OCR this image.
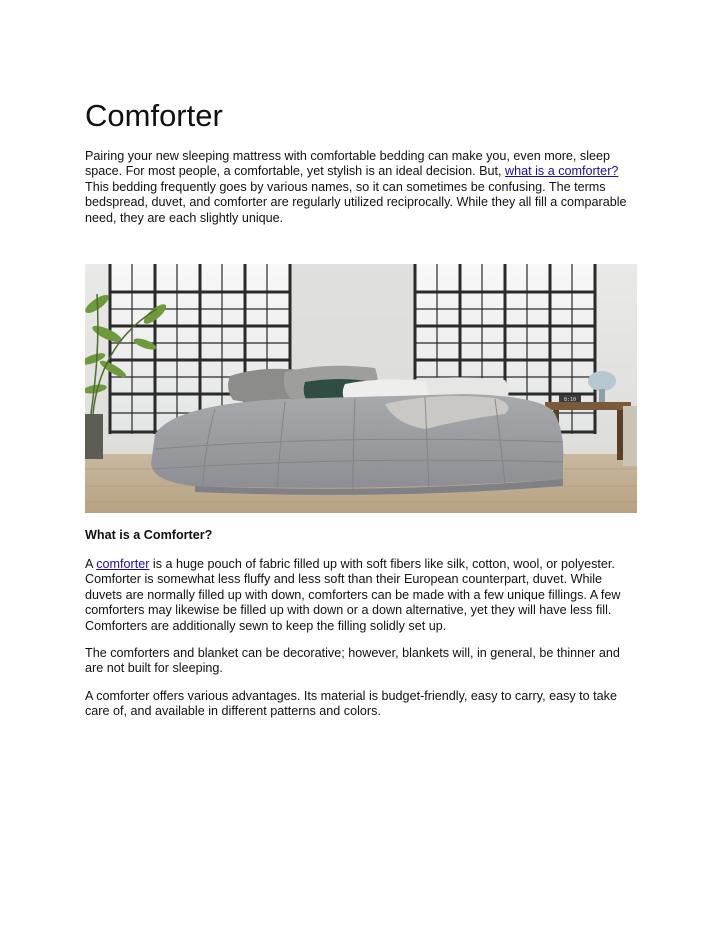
Comforter

Pairing your new sleeping mattress with comfortable bedding can make you, even more, sleep space. For most people, a comfortable, yet stylish is an ideal decision. But, what is a comforter? This bedding frequently goes by various names, so it can sometimes be confusing. The terms bedspread, duvet, and comforter are regularly utilized reciprocally. While they all fill a comparable need, they are each slightly unique.

8:10
What is a Comforter?

A comforter is a huge pouch of fabric filled up with soft fibers like silk, cotton, wool, or polyester. Comforter is somewhat less fluffy and less soft than their European counterpart, duvet. While duvets are normally filled up with down, comforters can be made with a few unique fillings. A few comforters may likewise be filled up with down or a down alternative, yet they will have less fill. Comforters are additionally sewn to keep the filling solidly set up.

The comforters and blanket can be decorative; however, blankets will, in general, be thinner and are not built for sleeping.

A comforter offers various advantages. Its material is budget-friendly, easy to carry, easy to take care of, and available in different patterns and colors.
